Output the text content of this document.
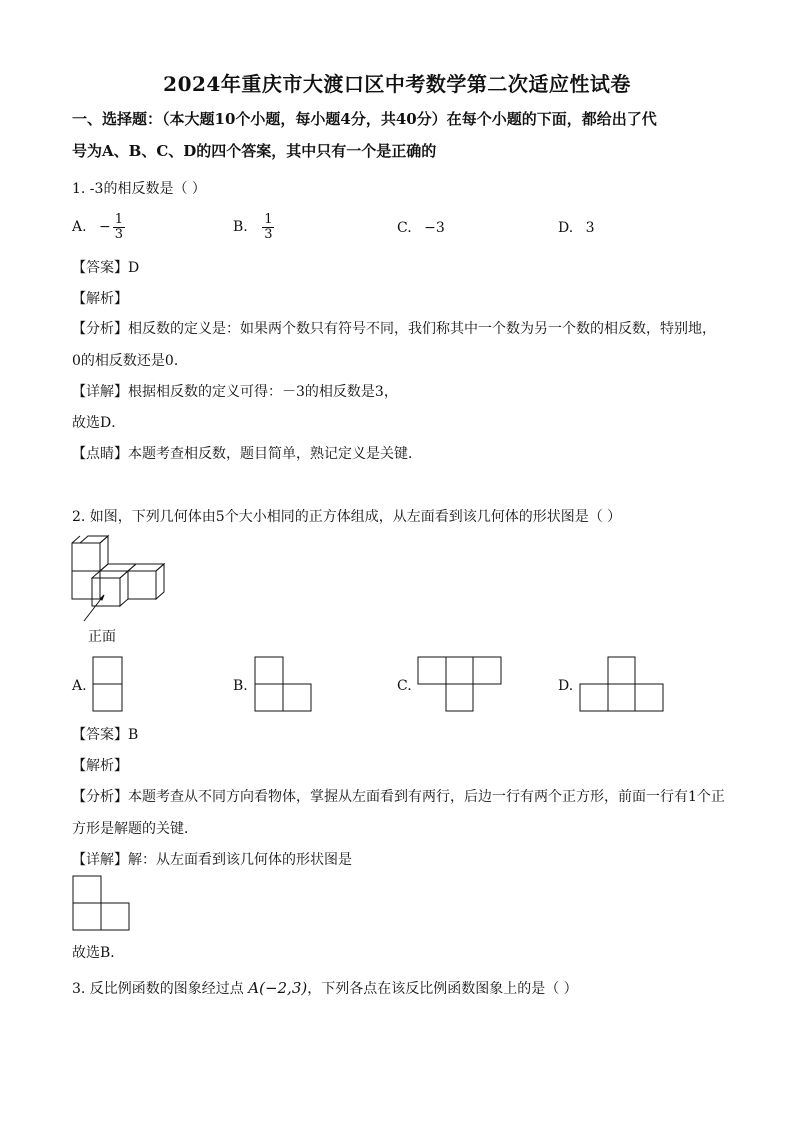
2024年重庆市大渡口区中考数学第二次适应性试卷
一、选择题：（本大题10个小题，每小题4分，共40分）在每个小题的下面，都给出了代
号为A、B、C、D的四个答案，其中只有一个是正确的
1. -3的相反数是（ ）
A. − $\frac{1}{3}$	B. $\frac{1}{3}$	C. −3	D. 3
【答案】D
【解析】
【分析】相反数的定义是：如果两个数只有符号不同，我们称其中一个数为另一个数的相反数，特别地，
0的相反数还是0．
【详解】根据相反数的定义可得：－3的相反数是3，
故选D．
【点睛】本题考查相反数，题目简单，熟记定义是关键．
2. 如图，下列几何体由5个大小相同的正方体组成，从左面看到该几何体的形状图是（ ）
正面
A.	B.	C.	D.
【答案】B
【解析】
【分析】本题考查从不同方向看物体，掌握从左面看到有两行，后边一行有两个正方形，前面一行有1个正
方形是解题的关键．
【详解】解：从左面看到该几何体的形状图是
故选B．
3. 反比例函数的图象经过点 A(−2,3)，下列各点在该反比例函数图象上的是（ ）
